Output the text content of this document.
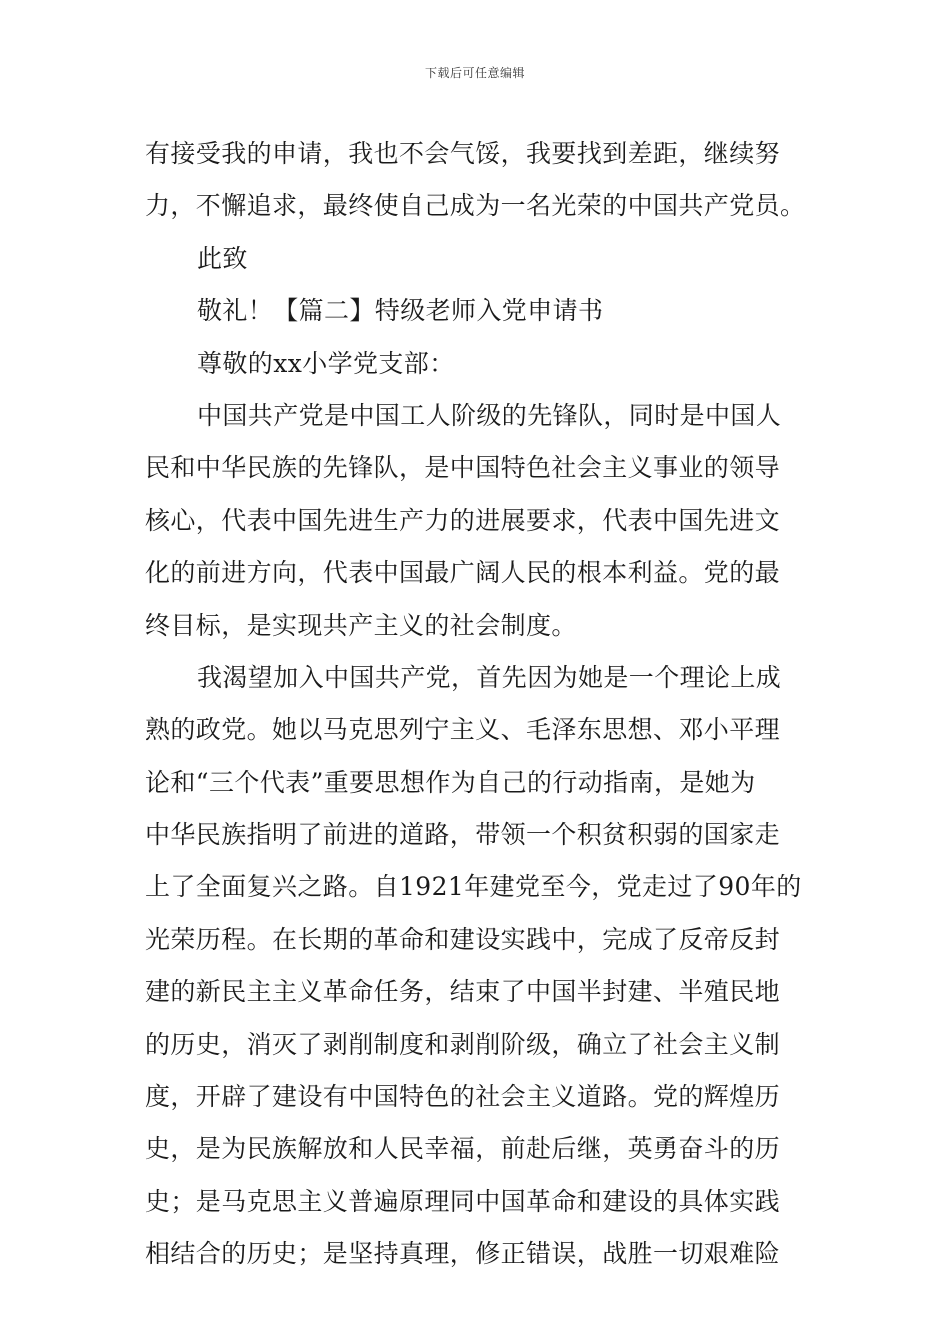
下载后可任意编辑
有接受我的申请，我也不会气馁，我要找到差距，继续努
力，不懈追求，最终使自己成为一名光荣的中国共产党员。
此致
敬礼！【篇二】特级老师入党申请书
尊敬的xx小学党支部：
中国共产党是中国工人阶级的先锋队，同时是中国人
民和中华民族的先锋队，是中国特色社会主义事业的领导
核心，代表中国先进生产力的进展要求，代表中国先进文
化的前进方向，代表中国最广阔人民的根本利益。党的最
终目标，是实现共产主义的社会制度。
我渴望加入中国共产党，首先因为她是一个理论上成
熟的政党。她以马克思列宁主义、毛泽东思想、邓小平理
论和“三个代表”重要思想作为自己的行动指南，是她为
中华民族指明了前进的道路，带领一个积贫积弱的国家走
上了全面复兴之路。自1921年建党至今，党走过了90年的
光荣历程。在长期的革命和建设实践中，完成了反帝反封
建的新民主主义革命任务，结束了中国半封建、半殖民地
的历史，消灭了剥削制度和剥削阶级，确立了社会主义制
度，开辟了建设有中国特色的社会主义道路。党的辉煌历
史，是为民族解放和人民幸福，前赴后继，英勇奋斗的历
史；是马克思主义普遍原理同中国革命和建设的具体实践
相结合的历史；是坚持真理，修正错误，战胜一切艰难险
